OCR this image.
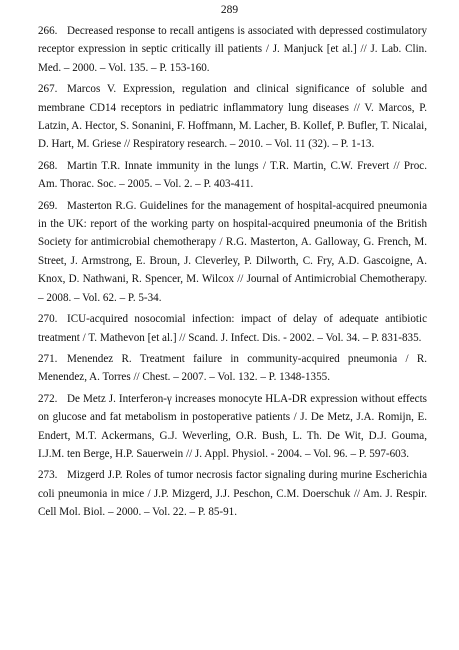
289

266. Decreased response to recall antigens is associated with depressed costimulatory receptor expression in septic critically ill patients / J. Manjuck [et al.] // J. Lab. Clin. Med. – 2000. – Vol. 135. – P. 153-160.

267. Marcos V. Expression, regulation and clinical significance of soluble and membrane CD14 receptors in pediatric inflammatory lung diseases // V. Marcos, P. Latzin, A. Hector, S. Sonanini, F. Hoffmann, M. Lacher, B. Kollef, P. Bufler, T. Nicalai, D. Hart, M. Griese // Respiratory research. – 2010. – Vol. 11 (32). – P. 1-13.

268. Martin T.R. Innate immunity in the lungs / T.R. Martin, C.W. Frevert // Proc. Am. Thorac. Soc. – 2005. – Vol. 2. – P. 403-411.

269. Masterton R.G. Guidelines for the management of hospital-acquired pneumonia in the UK: report of the working party on hospital-acquired pneumonia of the British Society for antimicrobial chemotherapy / R.G. Masterton, A. Galloway, G. French, M. Street, J. Armstrong, E. Broun, J. Cleverley, P. Dilworth, C. Fry, A.D. Gascoigne, A. Knox, D. Nathwani, R. Spencer, M. Wilcox // Journal of Antimicrobial Chemotherapy. – 2008. – Vol. 62. – P. 5-34.

270. ICU-acquired nosocomial infection: impact of delay of adequate antibiotic treatment / T. Mathevon [et al.] // Scand. J. Infect. Dis. - 2002. – Vol. 34. – P. 831-835.

271. Menendez R. Treatment failure in community-acquired pneumonia / R. Menendez, A. Torres // Chest. – 2007. – Vol. 132. – P. 1348-1355.

272. De Metz J. Interferon-γ increases monocyte HLA-DR expression without effects on glucose and fat metabolism in postoperative patients / J. De Metz, J.A. Romijn, E. Endert, M.T. Ackermans, G.J. Weverling, O.R. Bush, L. Th. De Wit, D.J. Gouma, I.J.M. ten Berge, H.P. Sauerwein // J. Appl. Physiol. - 2004. – Vol. 96. – P. 597-603.

273. Mizgerd J.P. Roles of tumor necrosis factor signaling during murine Escherichia coli pneumonia in mice / J.P. Mizgerd, J.J. Peschon, C.M. Doerschuk // Am. J. Respir. Cell Mol. Biol. – 2000. – Vol. 22. – P. 85-91.
